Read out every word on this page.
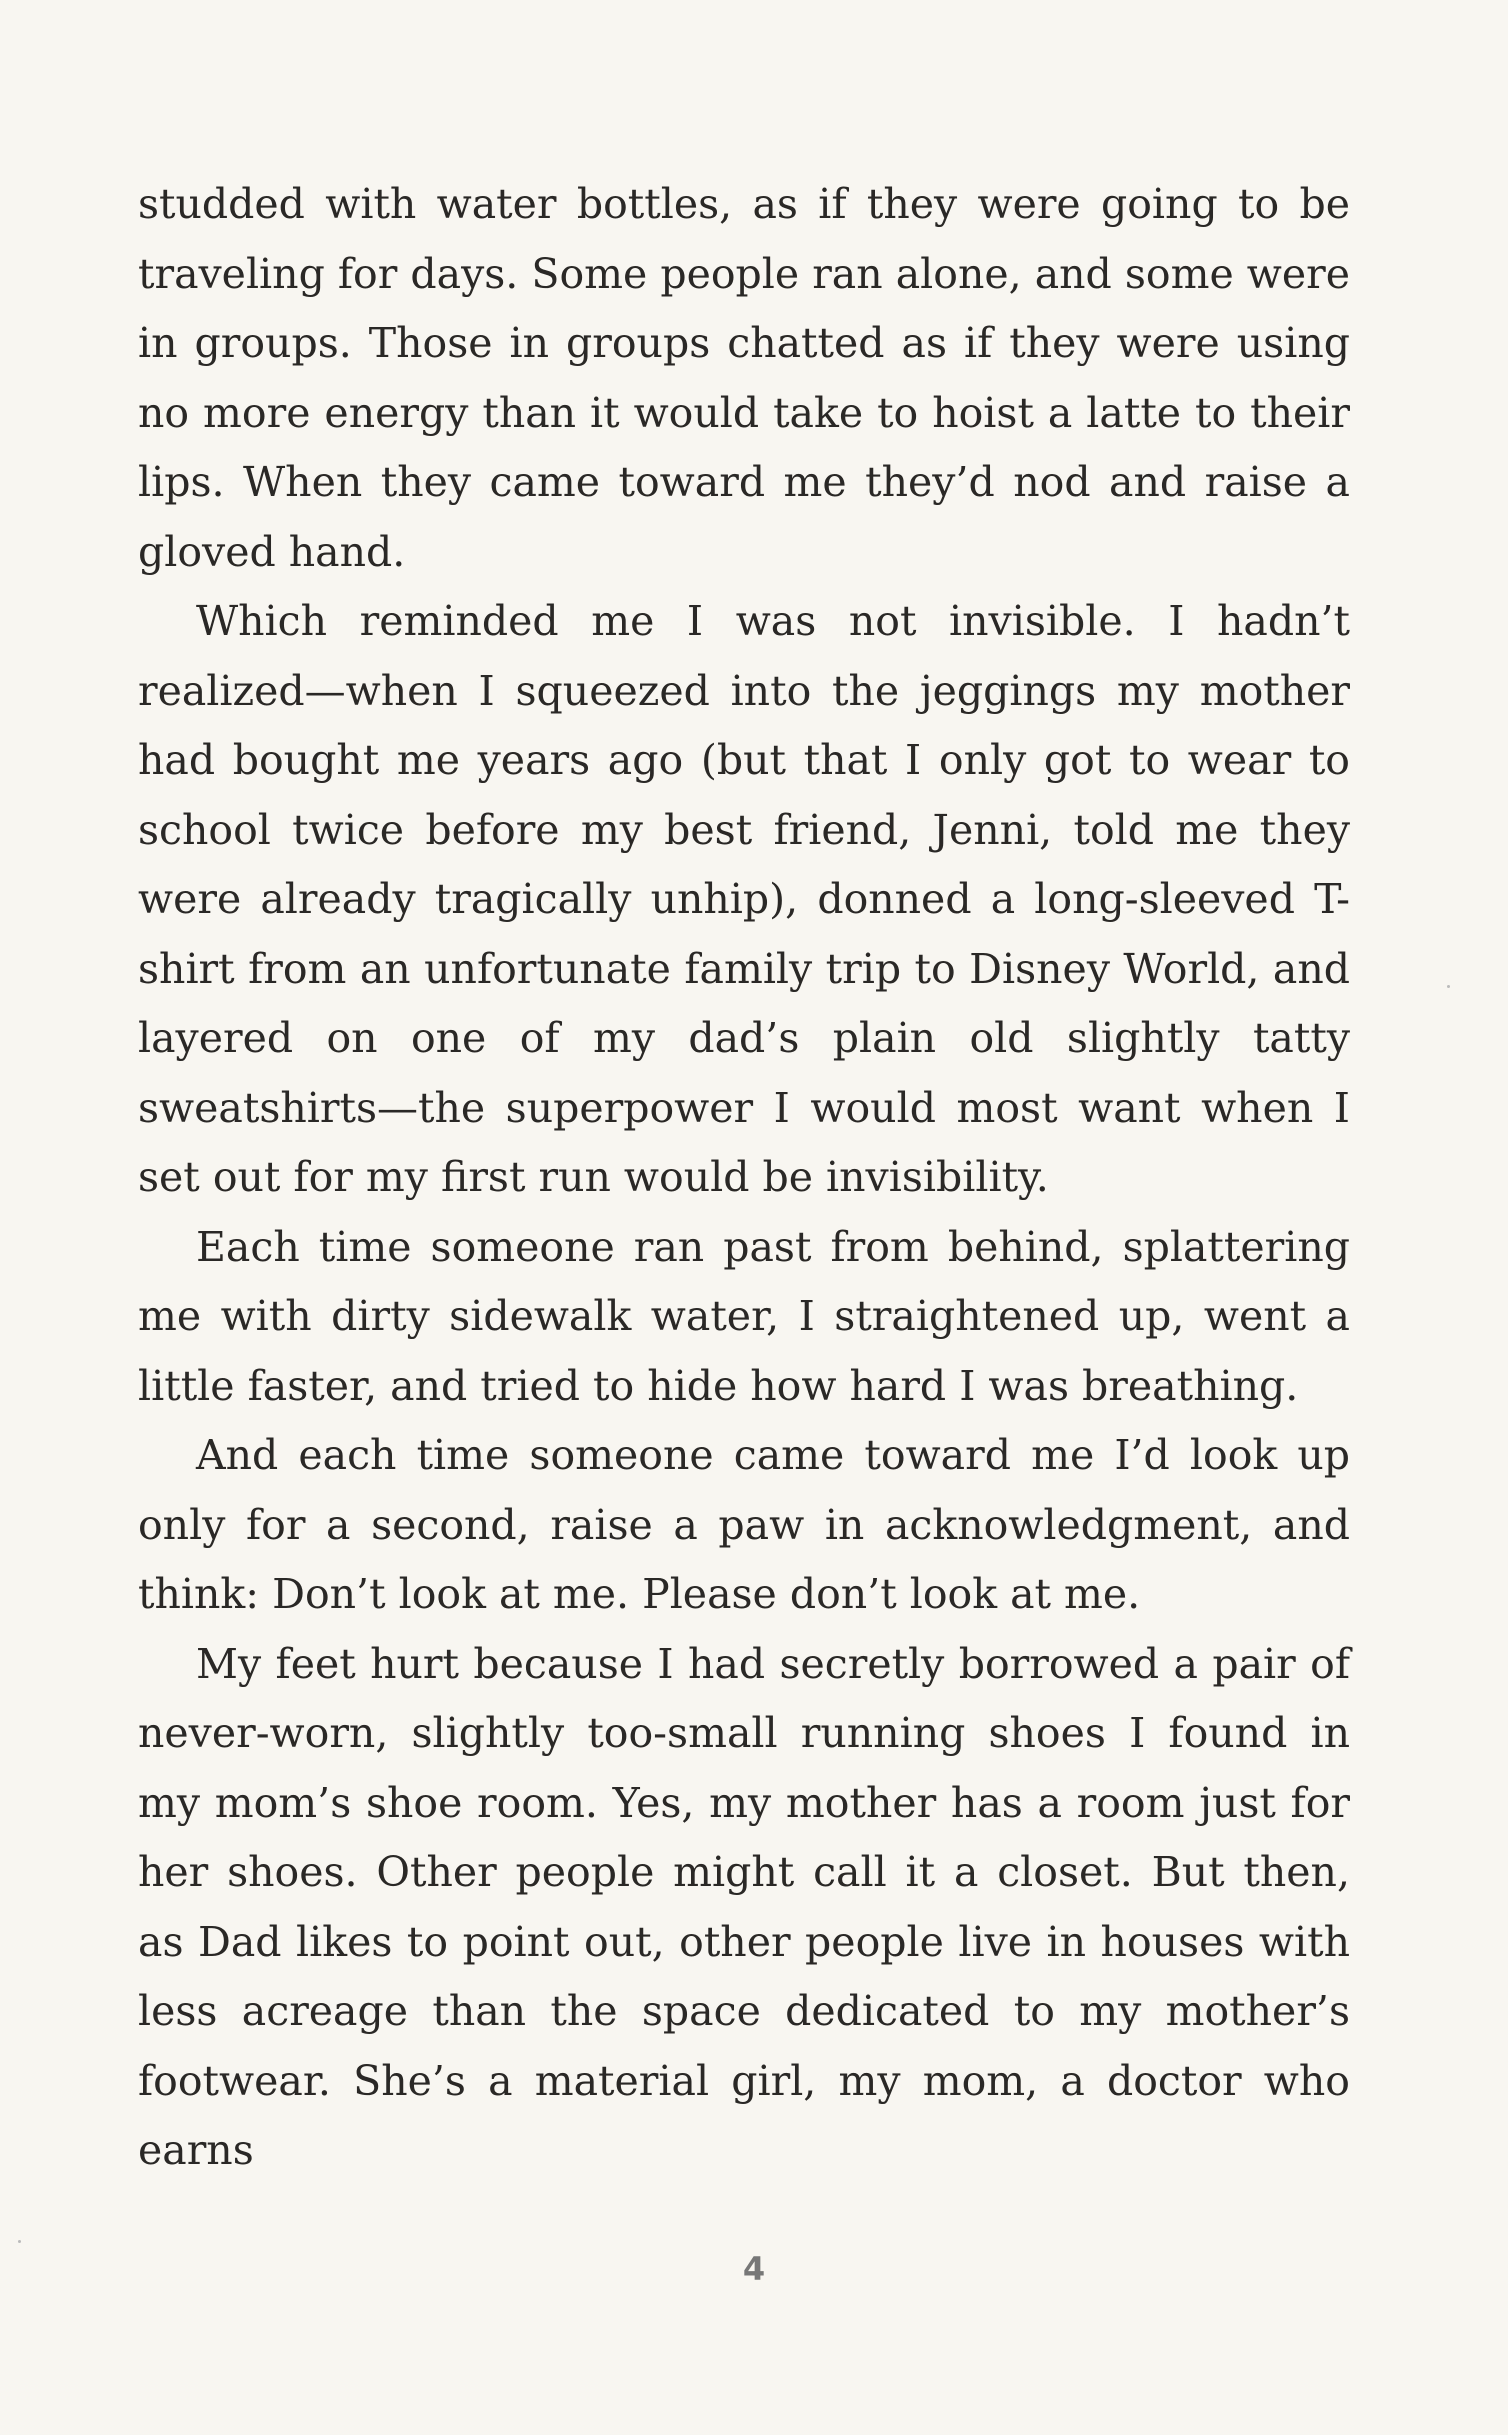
studded with water bottles, as if they were going to be traveling for days. Some people ran alone, and some were in groups. Those in groups chatted as if they were using no more energy than it would take to hoist a latte to their lips. When they came toward me they’d nod and raise a gloved hand.

Which reminded me I was not invisible. I hadn’t realized—when I squeezed into the jeggings my mother had bought me years ago (but that I only got to wear to school twice before my best friend, Jenni, told me they were already tragically unhip), donned a long-sleeved T-shirt from an unfortunate family trip to Disney World, and layered on one of my dad’s plain old slightly tatty sweatshirts—the superpower I would most want when I set out for my first run would be invisibility.

Each time someone ran past from behind, splattering me with dirty sidewalk water, I straightened up, went a little faster, and tried to hide how hard I was breathing.

And each time someone came toward me I’d look up only for a second, raise a paw in acknowledgment, and think: Don’t look at me. Please don’t look at me.

My feet hurt because I had secretly borrowed a pair of never-worn, slightly too-small running shoes I found in my mom’s shoe room. Yes, my mother has a room just for her shoes. Other people might call it a closet. But then, as Dad likes to point out, other people live in houses with less acreage than the space dedicated to my mother’s footwear. She’s a material girl, my mom, a doctor who earns

4
